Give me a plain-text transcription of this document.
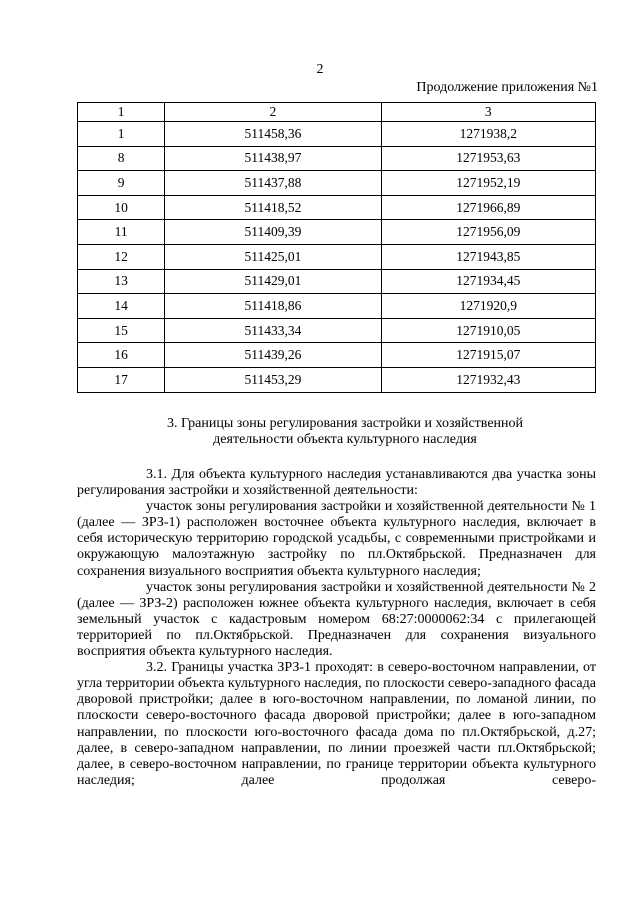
2
Продолжение приложения №1
1	2	3
1	511458,36	1271938,2
8	511438,97	1271953,63
9	511437,88	1271952,19
10	511418,52	1271966,89
11	511409,39	1271956,09
12	511425,01	1271943,85
13	511429,01	1271934,45
14	511418,86	1271920,9
15	511433,34	1271910,05
16	511439,26	1271915,07
17	511453,29	1271932,43
3. Границы зоны регулирования застройки и хозяйственной
деятельности объекта культурного наследия

3.1. Для объекта культурного наследия устанавливаются два участка зоны регулирования застройки и хозяйственной деятельности:

участок зоны регулирования застройки и хозяйственной деятельности № 1 (далее — ЗРЗ-1) расположен восточнее объекта культурного наследия, включает в себя историческую территорию городской усадьбы, с современными пристройками и окружающую малоэтажную застройку по пл.Октябрьской. Предназначен для сохранения визуального восприятия объекта культурного наследия;

участок зоны регулирования застройки и хозяйственной деятельности № 2 (далее — ЗРЗ-2) расположен южнее объекта культурного наследия, включает в себя земельный участок с кадастровым номером 68:27:0000062:34 с прилегающей территорией по пл.Октябрьской. Предназначен для сохранения визуального восприятия объекта культурного наследия.

3.2. Границы участка ЗРЗ-1 проходят: в северо-восточном направлении, от угла территории объекта культурного наследия, по плоскости северо-западного фасада дворовой пристройки; далее в юго-восточном направлении, по ломаной линии, по плоскости северо-восточного фасада дворовой пристройки; далее в юго-западном направлении, по плоскости юго-восточного фасада дома по пл.Октябрьской, д.27; далее, в северо-западном направлении, по линии проезжей части пл.Октябрьской; далее, в северо-восточном направлении, по границе территории объекта культурного наследия; далее продолжая северо-
